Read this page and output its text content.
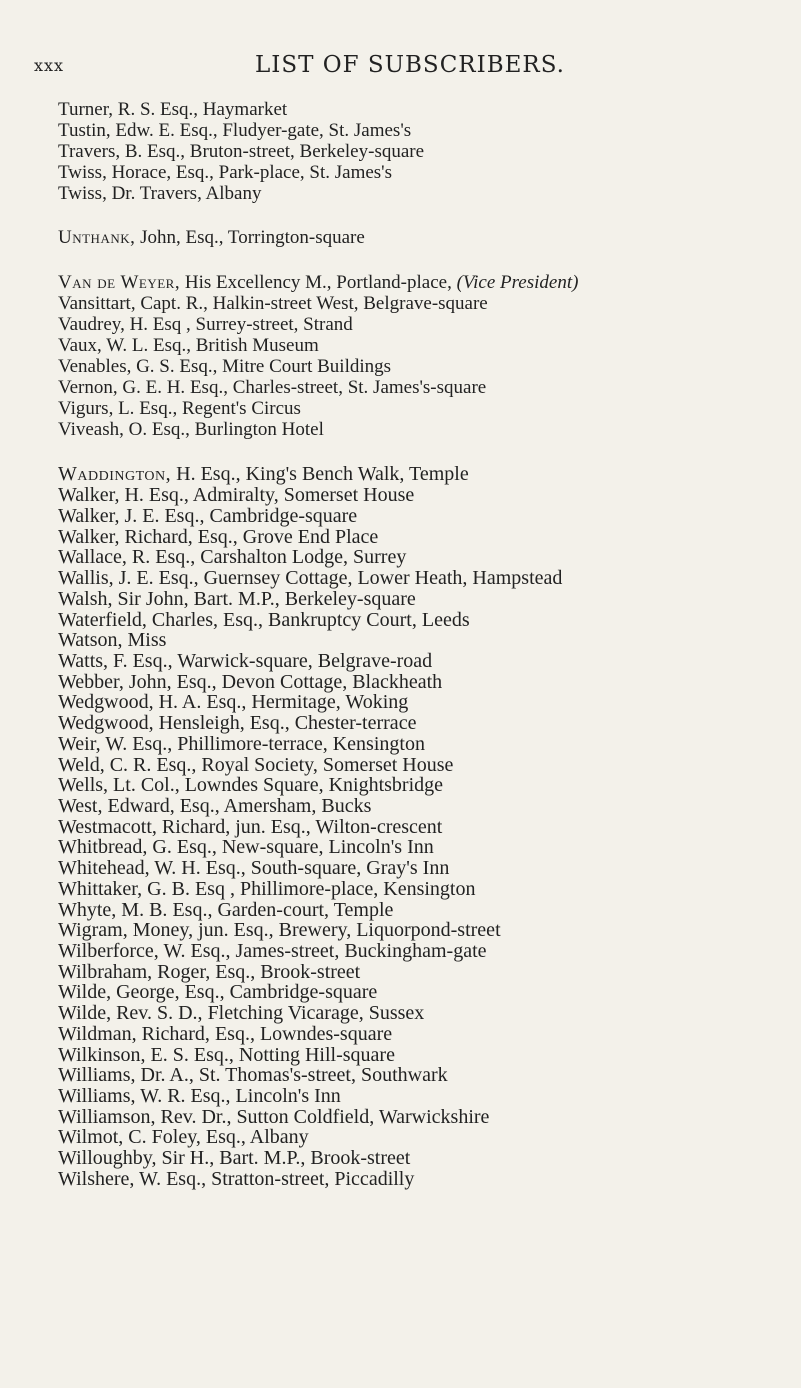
xxx	LIST OF SUBSCRIBERS.
Turner, R. S. Esq., Haymarket
Tustin, Edw. E. Esq., Fludyer-gate, St. James's
Travers, B. Esq., Bruton-street, Berkeley-square
Twiss, Horace, Esq., Park-place, St. James's
Twiss, Dr. Travers, Albany
Unthank, John, Esq., Torrington-square
Van de Weyer, His Excellency M., Portland-place, (Vice President)
Vansittart, Capt. R., Halkin-street West, Belgrave-square
Vaudrey, H. Esq , Surrey-street, Strand
Vaux, W. L. Esq., British Museum
Venables, G. S. Esq., Mitre Court Buildings
Vernon, G. E. H. Esq., Charles-street, St. James's-square
Vigurs, L. Esq., Regent's Circus
Viveash, O. Esq., Burlington Hotel
Waddington, H. Esq., King's Bench Walk, Temple
Walker, H. Esq., Admiralty, Somerset House
Walker, J. E. Esq., Cambridge-square
Walker, Richard, Esq., Grove End Place
Wallace, R. Esq., Carshalton Lodge, Surrey
Wallis, J. E. Esq., Guernsey Cottage, Lower Heath, Hampstead
Walsh, Sir John, Bart. M.P., Berkeley-square
Waterfield, Charles, Esq., Bankruptcy Court, Leeds
Watson, Miss
Watts, F. Esq., Warwick-square, Belgrave-road
Webber, John, Esq., Devon Cottage, Blackheath
Wedgwood, H. A. Esq., Hermitage, Woking
Wedgwood, Hensleigh, Esq., Chester-terrace
Weir, W. Esq., Phillimore-terrace, Kensington
Weld, C. R. Esq., Royal Society, Somerset House
Wells, Lt. Col., Lowndes Square, Knightsbridge
West, Edward, Esq., Amersham, Bucks
Westmacott, Richard, jun. Esq., Wilton-crescent
Whitbread, G. Esq., New-square, Lincoln's Inn
Whitehead, W. H. Esq., South-square, Gray's Inn
Whittaker, G. B. Esq , Phillimore-place, Kensington
Whyte, M. B. Esq., Garden-court, Temple
Wigram, Money, jun. Esq., Brewery, Liquorpond-street
Wilberforce, W. Esq., James-street, Buckingham-gate
Wilbraham, Roger, Esq., Brook-street
Wilde, George, Esq., Cambridge-square
Wilde, Rev. S. D., Fletching Vicarage, Sussex
Wildman, Richard, Esq., Lowndes-square
Wilkinson, E. S. Esq., Notting Hill-square
Williams, Dr. A., St. Thomas's-street, Southwark
Williams, W. R. Esq., Lincoln's Inn
Williamson, Rev. Dr., Sutton Coldfield, Warwickshire
Wilmot, C. Foley, Esq., Albany
Willoughby, Sir H., Bart. M.P., Brook-street
Wilshere, W. Esq., Stratton-street, Piccadilly
